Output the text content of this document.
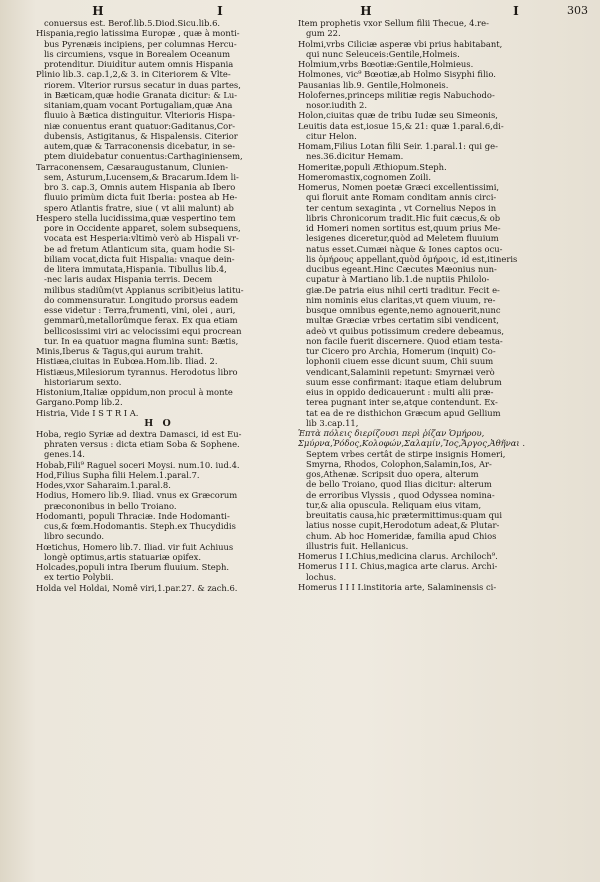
H	I	H	I	303
conuersus est. Berof.lib.5.Diod.Sicu.lib.6.
Hispania,regio latissima Europæ , quæ à monti-
bus Pyrenæis incipiens, per columnas Hercu-
lis circumiens, vsque in Borealem Oceanum
protenditur. Diuiditur autem omnis Hispania
Plinio lib.3. cap.1,2,& 3. in Citeriorem & Vlte-
riorem. Vlterior rursus secatur in duas partes,
in Bæticam,quæ hodie Granata dicitur: & Lu-
sitaniam,quam vocant Portugaliam,quæ Ana
fluuio à Bætica distinguitur. Vlterioris Hispa-
niæ conuentus erant quatuor:Gaditanus,Cor-
dubensis, Astigitanus, & Hispalensis. Citerior
autem,quæ & Tarraconensis dicebatur, in se-
ptem diuidebatur conuentus:Carthaginiensem,
Tarraconensem, Cæsaraugustanum, Clunien-
sem, Asturum,Lucensem,& Bracarum.Idem li-
bro 3. cap.3, Omnis autem Hispania ab Ibero
fluuio primùm dicta fuit Iberia: postea ab He-
spero Atlantis fratre, siue ( vt alii malunt) ab
Hespero stella lucidissima,quæ vespertino tem
pore in Occidente apparet, solem subsequens,
vocata est Hesperia:vltimò verò ab Hispali vr-
be ad fretum Atlanticum sita, quam hodie Si-
biliam vocat,dicta fuit Hispalia: vnaque dein-
de litera immutata,Hispania. Tibullus lib.4,
-nec laris audax Hispania terris. Decem
milibus stadiûm(vt Appianus scribit)eius latitu-
do commensuratur. Longitudo prorsus eadem
esse videtur : Terra,frumenti, vini, olei , auri,
gemmarû,metallorûmque ferax. Ex qua etiam
bellicosissimi viri ac velocissimi equi procrean
tur. In ea quatuor magna flumina sunt: Bætis,
Minis,Iberus & Tagus,qui aurum trahit.
Histiæa,ciuitas in Eubœa.Hom.lib. Iliad. 2.
Histiæus,Milesiorum tyrannus. Herodotus libro
historiarum sexto.
Histonium,Italiæ oppidum,non procul à monte
Gargano.Pomp lib.2.
Histria, Vide I S T R I A.
H O
Hoba, regio Syriæ ad dextra Damasci, id est Eu-
phraten versus : dicta etiam Soba & Sophene.
genes.14.
Hobab,Fili⁹ Raguel soceri Moysi. num.10. iud.4.
Hod,Filius Supha filii Helem.1.paral.7.
Hodes,vxor Saharaim.1.paral.8.
Hodius, Homero lib.9. Iliad. vnus ex Græcorum
præcononibus in bello Troiano.
Hodomanti, populi Thraciæ. Inde Hodomanti-
cus,& fœm.Hodomantis. Steph.ex Thucydidis
libro secundo.
Hœtichus, Homero lib.7. Iliad. vir fuit Achiuus
longè optimus,artis statuariæ opifex.
Holcades,populi intra Iberum fluuium. Steph.
ex tertio Polybii.
Holda vel Holdai, Nomê viri,1.par.27. & zach.6.
Item prophetis vxor Sellum filii Thecue, 4.re-
gum 22.
Holmi,vrbs Ciliciæ asperæ vbi prius habitabant,
qui nunc Seleuceis:Gentile,Holmeis.
Holmium,vrbs Bœotiæ:Gentile,Holmieus.
Holmones, vic⁹ Bœotiæ,ab Holmo Sisyphi filio.
Pausanias lib.9. Gentile,Holmoneis.
Holofernes,princeps militiæ regis Nabuchodo-
nosor.iudith 2.
Holon,ciuitas quæ de tribu Iudæ seu Simeonis,
Leuitis data est,iosue 15,& 21: quæ 1.paral.6,di-
citur Helon.
Homam,Filius Lotan filii Seir. 1.paral.1: qui ge-
nes.36.dicitur Hemam.
Homeritæ,populi Æthiopum.Steph.
Homeromastix,cognomen Zoili.
Homerus, Nomen poetæ Græci excellentissimi,
qui floruit ante Romam conditam annis circi-
ter centum sexaginta , vt Cornelius Nepos in
libris Chronicorum tradit.Hic fuit cæcus,& ob
id Homeri nomen sortitus est,quum prius Me-
lesigenes diceretur,quòd ad Meletem fluuium
natus esset.Cumæi nàque & Iones captos ocu-
lis ὁμήρους appellant,quòd ὁμήροις, id est,itineris
ducibus egeant.Hinc Cæcutes Mæonius nun-
cupatur à Martiano lib.1.de nuptiis Philolo-
giæ.De patria eius nihil certi traditur. Fecit e-
nim nominis eius claritas,vt quem viuum, re-
busque omnibus egente,nemo agnouerit,nunc
multæ Græciæ vrbes certatim sibi vendicent,
adeò vt quibus potissimum credere debeamus,
non facile fuerit discernere. Quod etiam testa-
tur Cicero pro Archia, Homerum (inquit) Co-
lophonii ciuem esse dicunt suum, Chii suum
vendicant,Salaminii repetunt: Smyrnæi verò
suum esse confirmant: itaque etiam delubrum
eius in oppido dedicauerunt : multi alii præ-
terea pugnant inter se,atque contendunt. Ex-
tat ea de re disthichon Græcum apud Gellium
lib 3.cap.11,
Ἑπτὰ πόλεις διερίζουσι περὶ ῥίζαν Ὁμήρου,
Σμύρνα,Ῥόδος,Κολοφών,Σαλαμίν,Ἴος,Ἄργος,Ἀθῆναι .
Septem vrbes certât de stirpe insignis Homeri,
Smyrna, Rhodos, Colophon,Salamin,Ios, Ar-
gos,Athenæ. Scripsit duo opera, alterum
de bello Troiano, quod Ilias dicitur: alterum
de erroribus Vlyssis , quod Odyssea nomina-
tur,& alia opuscula. Reliquam eius vitam,
breuitatis causa,hic prætermittimus:quam qui
latius nosse cupit,Herodotum adeat,& Plutar-
chum. Ab hoc Homeridæ, familia apud Chios
illustris fuit. Hellanicus.
Homerus I I.Chius,medicina clarus. Archiloch⁹.
Homerus I I I. Chius,magica arte clarus. Archi-
lochus.
Homerus I I I I.institoria arte, Salaminensis ci-
